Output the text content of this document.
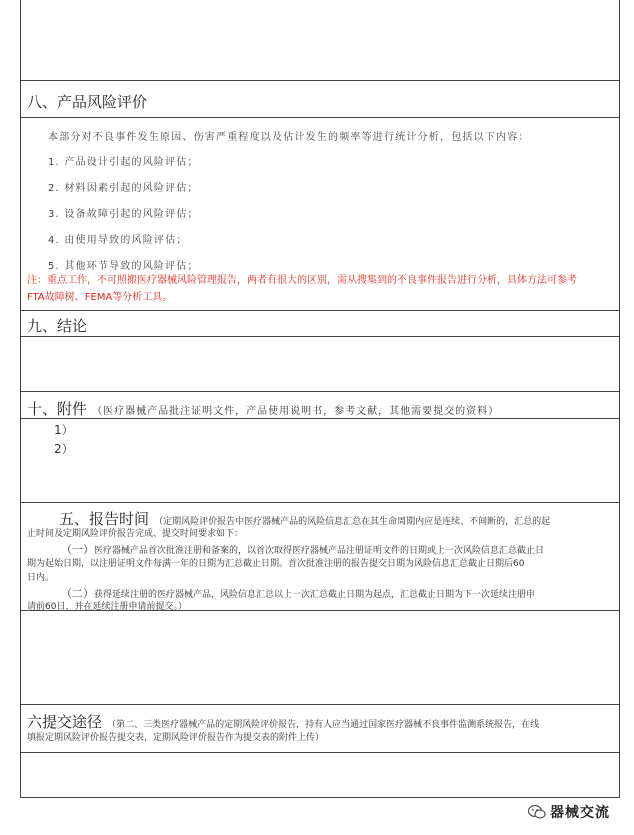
八、产品风险评价
本部分对不良事件发生原因、伤害严重程度以及估计发生的频率等进行统计分析，包括以下内容：
1. 产品设计引起的风险评估；
2. 材料因素引起的风险评估；
3. 设备故障引起的风险评估；
4. 由使用导致的风险评估；
5. 其他环节导致的风险评估；
注：重点工作，不可照搬医疗器械风险管理报告，两者有很大的区别，需从搜集到的不良事件报告进行分析，具体方法可参考
FTA故障树、FEMA等分析工具。
九、结论
十、附件 （医疗器械产品批注证明文件，产品使用说明书，参考文献，其他需要提交的资料）
1）
2）
五、报告时间 （定期风险评价报告中医疗器械产品的风险信息汇总在其生命周期内应是连续、不间断的，汇总的起
止时间及定期风险评价报告完成、提交时间要求如下：
（一）医疗器械产品首次批准注册和备案的，以首次取得医疗器械产品注册证明文件的日期或上一次风险信息汇总截止日
期为起始日期，以注册证明文件每满一年的日期为汇总截止日期。首次批准注册的报告提交日期为风险信息汇总截止日期后60
日内。
（二）获得延续注册的医疗器械产品，风险信息汇总以上一次汇总截止日期为起点，汇总截止日期为下一次延续注册申
请前60日，并在延续注册申请前提交。）
六提交途径 （第二、三类医疗器械产品的定期风险评价报告，持有人应当通过国家医疗器械不良事件监测系统报告，在线
填报定期风险评价报告提交表，定期风险评价报告作为提交表的附件上传）
器械交流
